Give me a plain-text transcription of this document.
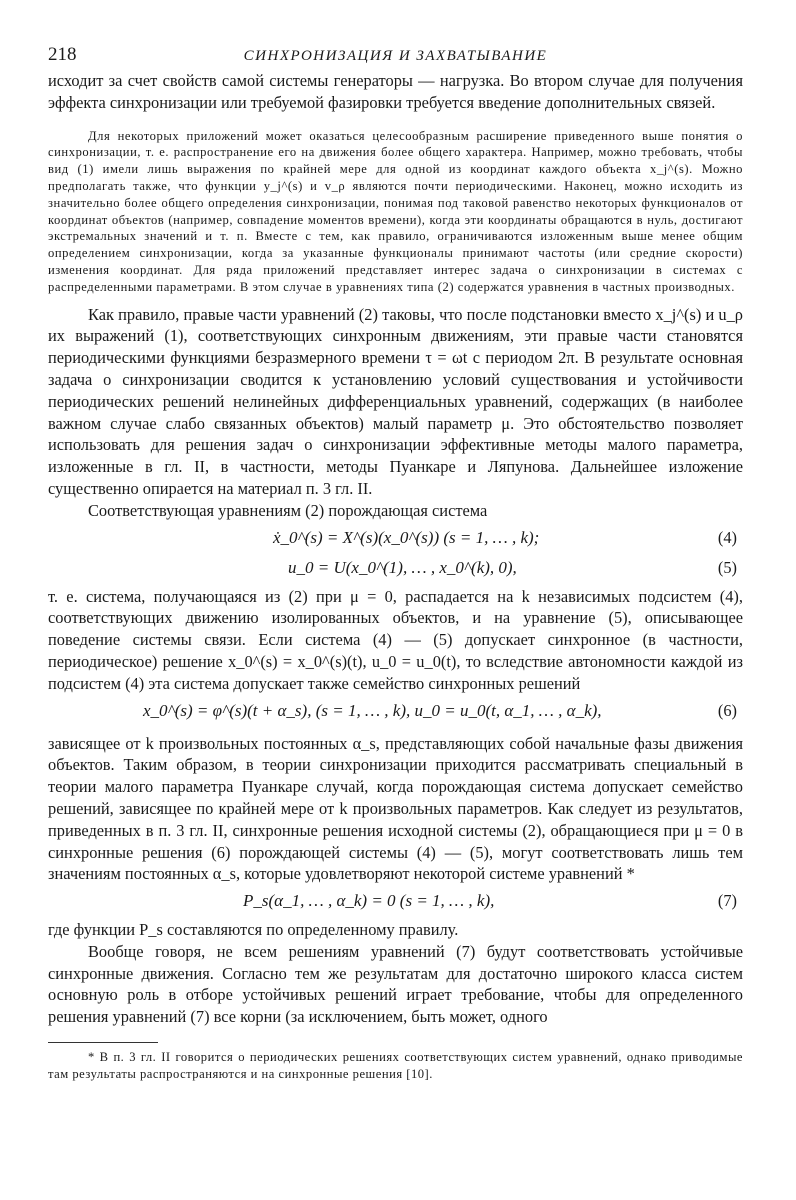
218	СИНХРОНИЗАЦИЯ И ЗАХВАТЫВАНИЕ

исходит за счет свойств самой системы генераторы — нагрузка. Во втором случае для получения эффекта синхронизации или требуемой фазировки требуется введение дополнительных связей.

Для некоторых приложений может оказаться целесообразным расширение приведенного выше понятия о синхронизации, т. е. распространение его на движения более общего характера. Например, можно требовать, чтобы вид (1) имели лишь выражения по крайней мере для одной из координат каждого объекта x_j^(s). Можно предполагать также, что функции y_j^(s) и v_ρ являются почти периодическими. Наконец, можно исходить из значительно более общего определения синхронизации, понимая под таковой равенство некоторых функционалов от координат объектов (например, совпадение моментов времени), когда эти координаты обращаются в нуль, достигают экстремальных значений и т. п. Вместе с тем, как правило, ограничиваются изложенным выше менее общим определением синхронизации, когда за указанные функционалы принимают частоты (или средние скорости) изменения координат. Для ряда приложений представляет интерес задача о синхронизации в системах с распределенными параметрами. В этом случае в уравнениях типа (2) содержатся уравнения в частных производных.

Как правило, правые части уравнений (2) таковы, что после подстановки вместо x_j^(s) и u_ρ их выражений (1), соответствующих синхронным движениям, эти правые части становятся периодическими функциями безразмерного времени τ = ωt с периодом 2π. В результате основная задача о синхронизации сводится к установлению условий существования и устойчивости периодических решений нелинейных дифференциальных уравнений, содержащих (в наиболее важном случае слабо связанных объектов) малый параметр μ. Это обстоятельство позволяет использовать для решения задач о синхронизации эффективные методы малого параметра, изложенные в гл. II, в частности, методы Пуанкаре и Ляпунова. Дальнейшее изложение существенно опирается на материал п. 3 гл. II.

Соответствующая уравнениям (2) порождающая система

ẋ_0^(s) = X^(s)(x_0^(s)) (s = 1, … , k);	(4)
u_0 = U(x_0^(1), … , x_0^(k), 0),	(5)

т. е. система, получающаяся из (2) при μ = 0, распадается на k независимых подсистем (4), соответствующих движению изолированных объектов, и на уравнение (5), описывающее поведение системы связи. Если система (4) — (5) допускает синхронное (в частности, периодическое) решение x_0^(s) = x_0^(s)(t), u_0 = u_0(t), то вследствие автономности каждой из подсистем (4) эта система допускает также семейство синхронных решений

x_0^(s) = φ^(s)(t + α_s), (s = 1, … , k), u_0 = u_0(t, α_1, … , α_k),	(6)

зависящее от k произвольных постоянных α_s, представляющих собой начальные фазы движения объектов. Таким образом, в теории синхронизации приходится рассматривать специальный в теории малого параметра Пуанкаре случай, когда порождающая система допускает семейство решений, зависящее по крайней мере от k произвольных параметров. Как следует из результатов, приведенных в п. 3 гл. II, синхронные решения исходной системы (2), обращающиеся при μ = 0 в синхронные решения (6) порождающей системы (4) — (5), могут соответствовать лишь тем значениям постоянных α_s, которые удовлетворяют некоторой системе уравнений *

P_s(α_1, … , α_k) = 0 (s = 1, … , k),	(7)

где функции P_s составляются по определенному правилу.

Вообще говоря, не всем решениям уравнений (7) будут соответствовать устойчивые синхронные движения. Согласно тем же результатам для достаточно широкого класса систем основную роль в отборе устойчивых решений играет требование, чтобы для определенного решения уравнений (7) все корни (за исключением, быть может, одного

* В п. 3 гл. II говорится о периодических решениях соответствующих систем уравнений, однако приводимые там результаты распространяются и на синхронные решения [10].
